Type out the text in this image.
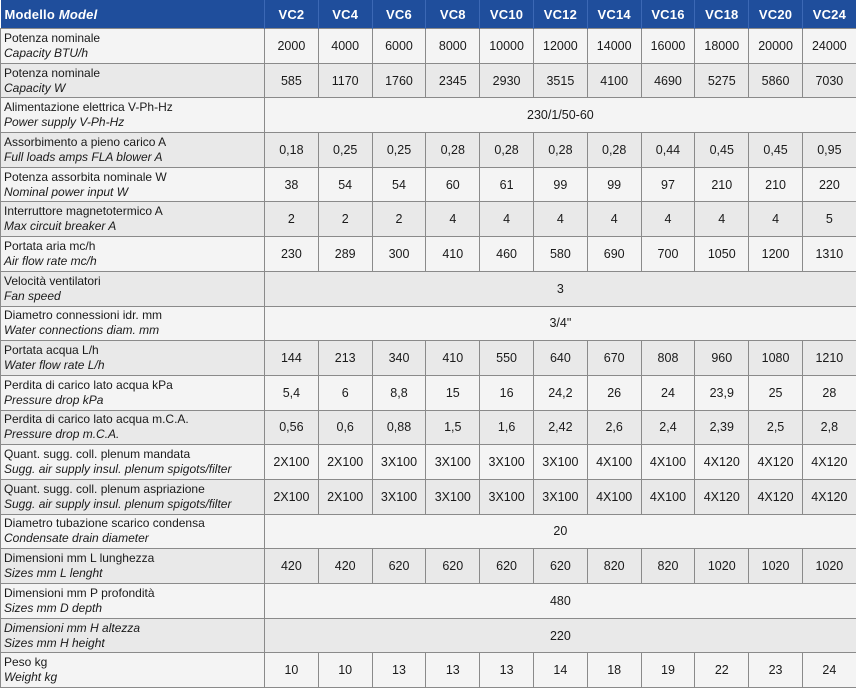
Modello Model	VC2	VC4	VC6	VC8	VC10	VC12	VC14	VC16	VC18	VC20	VC24

Potenza nominale
Capacity BTU/h	2000	4000	6000	8000	10000	12000	14000	16000	18000	20000	24000

Potenza nominale
Capacity W	585	1170	1760	2345	2930	3515	4100	4690	5275	5860	7030

Alimentazione elettrica V-Ph-Hz
Power supply V-Ph-Hz	230/1/50-60										

Assorbimento a pieno carico A
Full loads amps FLA blower A	0,18	0,25	0,25	0,28	0,28	0,28	0,28	0,44	0,45	0,45	0,95

Potenza assorbita nominale W
Nominal power input W	38	54	54	60	61	99	99	97	210	210	220

Interruttore magnetotermico A
Max circuit breaker A	2	2	2	4	4	4	4	4	4	4	5

Portata aria mc/h
Air flow rate mc/h	230	289	300	410	460	580	690	700	1050	1200	1310

Velocità ventilatori
Fan speed	3										

Diametro connessioni idr. mm
Water connections diam. mm	3/4"										

Portata acqua L/h
Water flow rate L/h	144	213	340	410	550	640	670	808	960	1080	1210

Perdita di carico lato acqua kPa
Pressure drop kPa	5,4	6	8,8	15	16	24,2	26	24	23,9	25	28

Perdita di carico lato acqua m.C.A.
Pressure drop m.C.A.	0,56	0,6	0,88	1,5	1,6	2,42	2,6	2,4	2,39	2,5	2,8

Quant. sugg. coll. plenum mandata
Sugg. air supply insul. plenum spigots/filter	2X100	2X100	3X100	3X100	3X100	3X100	4X100	4X100	4X120	4X120	4X120

Quant. sugg. coll. plenum aspriazione
Sugg. air supply insul. plenum spigots/filter	2X100	2X100	3X100	3X100	3X100	3X100	4X100	4X100	4X120	4X120	4X120

Diametro tubazione scarico condensa
Condensate drain diameter	20										

Dimensioni mm L lunghezza
Sizes mm L lenght	420	420	620	620	620	620	820	820	1020	1020	1020

Dimensioni mm P profondità
Sizes mm D depth	480										

Dimensioni mm H altezza
Sizes mm H height	220										

Peso kg
Weight kg	10	10	13	13	13	14	18	19	22	23	24
